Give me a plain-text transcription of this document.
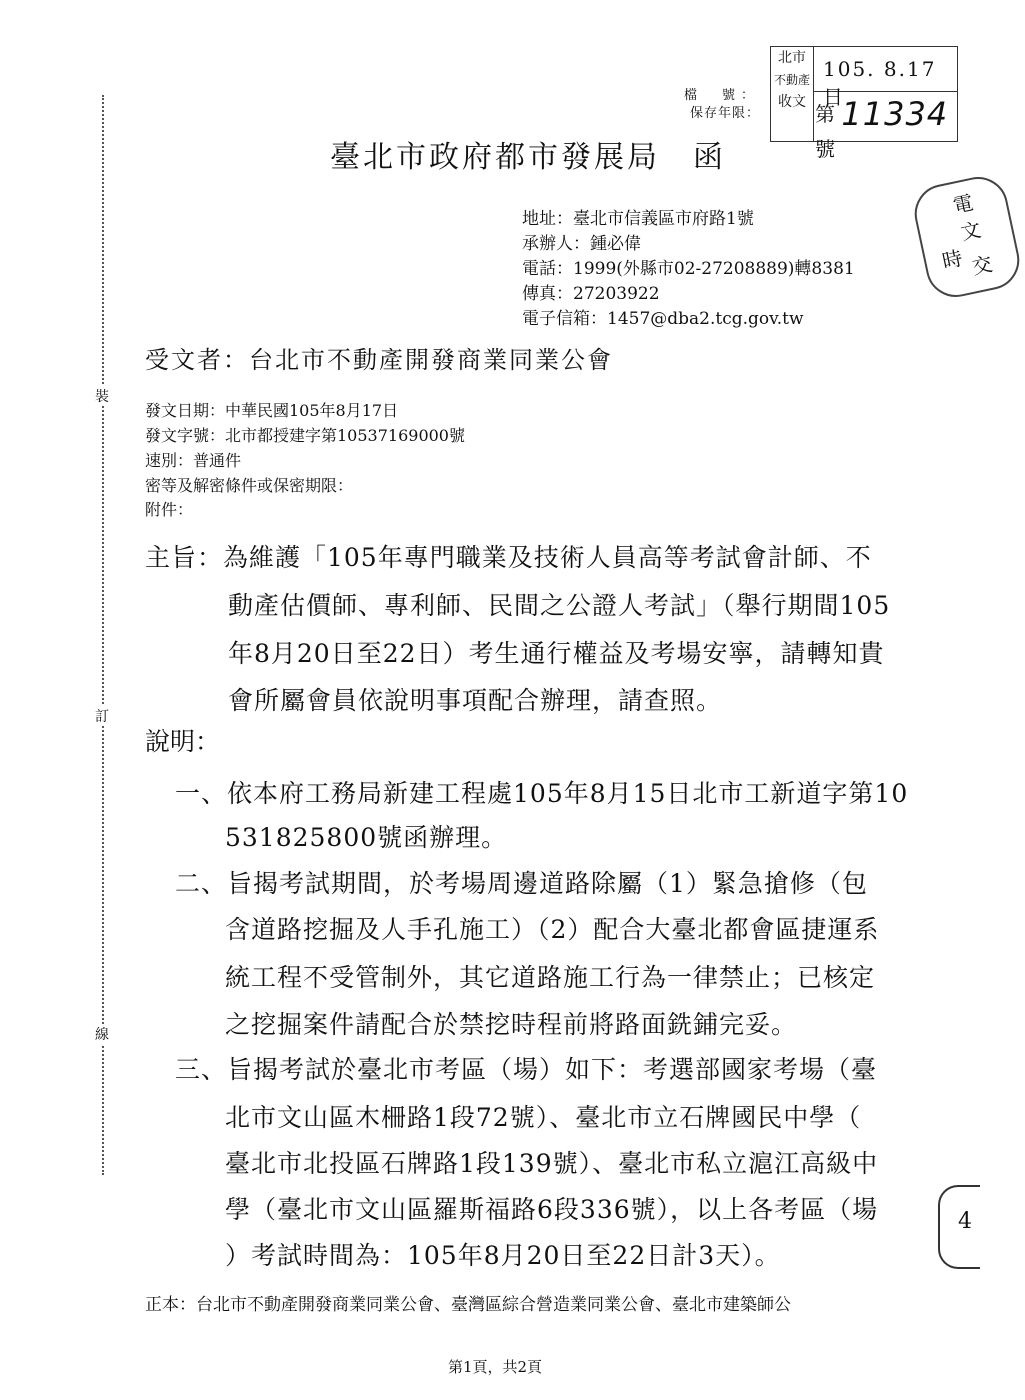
裝
訂
線
檔　號：
保存年限：
北市
不動產
收文
105. 8.17日
第 11334 號
電
文
時 交
臺北市政府都市發展局　函
地址：臺北市信義區市府路1號
承辦人：鍾必偉
電話：1999(外縣市02-27208889)轉8381
傳真：27203922
電子信箱：1457@dba2.tcg.gov.tw
受文者：台北市不動產開發商業同業公會
發文日期：中華民國105年8月17日
發文字號：北市都授建字第10537169000號
速別：普通件
密等及解密條件或保密期限：
附件：
主旨：為維護「105年專門職業及技術人員高等考試會計師、不
動產估價師、專利師、民間之公證人考試」（舉行期間105
年8月20日至22日）考生通行權益及考場安寧，請轉知貴
會所屬會員依說明事項配合辦理，請查照。
說明：
一、依本府工務局新建工程處105年8月15日北市工新道字第10
531825800號函辦理。
二、旨揭考試期間，於考場周邊道路除屬（1）緊急搶修（包
含道路挖掘及人手孔施工）（2）配合大臺北都會區捷運系
統工程不受管制外，其它道路施工行為一律禁止；已核定
之挖掘案件請配合於禁挖時程前將路面銑鋪完妥。
三、旨揭考試於臺北市考區（場）如下：考選部國家考場（臺
北市文山區木柵路1段72號）、臺北市立石牌國民中學（
臺北市北投區石牌路1段139號）、臺北市私立滬江高級中
學（臺北市文山區羅斯福路6段336號），以上各考區（場
）考試時間為：105年8月20日至22日計3天）。
4
正本：台北市不動產開發商業同業公會、臺灣區綜合營造業同業公會、臺北市建築師公
第1頁，共2頁
